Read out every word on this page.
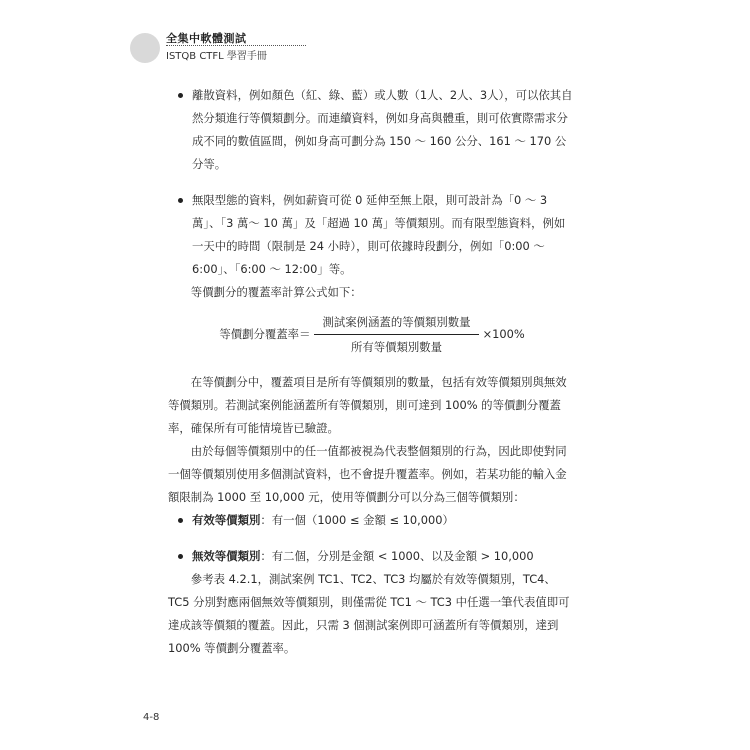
全集中軟體測試
ISTQB CTFL 學習手冊
離散資料，例如顏色（紅、綠、藍）或人數（1人、2人、3人），可以依其自然分類進行等價類劃分。而連續資料，例如身高與體重，則可依實際需求分成不同的數值區間，例如身高可劃分為 150 ～ 160 公分、161 ～ 170 公分等。
無限型態的資料，例如薪資可從 0 延伸至無上限，則可設計為「0 ～ 3 萬」、「3 萬～ 10 萬」及「超過 10 萬」等價類別。而有限型態資料，例如一天中的時間（限制是 24 小時），則可依據時段劃分，例如「0:00 ～ 6:00」、「6:00 ～ 12:00」等。

等價劃分的覆蓋率計算公式如下：

等價劃分覆蓋率＝ $\frac{\text{測試案例涵蓋的等價類別數量}}{\text{所有等價類別數量}} \times 100\%$

在等價劃分中，覆蓋項目是所有等價類別的數量，包括有效等價類別與無效等價類別。若測試案例能涵蓋所有等價類別，則可達到 100% 的等價劃分覆蓋率，確保所有可能情境皆已驗證。

由於每個等價類別中的任一值都被視為代表整個類別的行為，因此即使對同一個等價類別使用多個測試資料，也不會提升覆蓋率。例如，若某功能的輸入金額限制為 1000 至 10,000 元，使用等價劃分可以分為三個等價類別：

有效等價類別：有一個（1000 ≤ 金額 ≤ 10,000）
無效等價類別：有二個，分別是金額 < 1000、以及金額 > 10,000

參考表 4.2.1，測試案例 TC1、TC2、TC3 均屬於有效等價類別，TC4、TC5 分別對應兩個無效等價類別，則僅需從 TC1 ～ TC3 中任選一筆代表值即可達成該等價類的覆蓋。因此，只需 3 個測試案例即可涵蓋所有等價類別，達到 100% 等價劃分覆蓋率。

4-8
